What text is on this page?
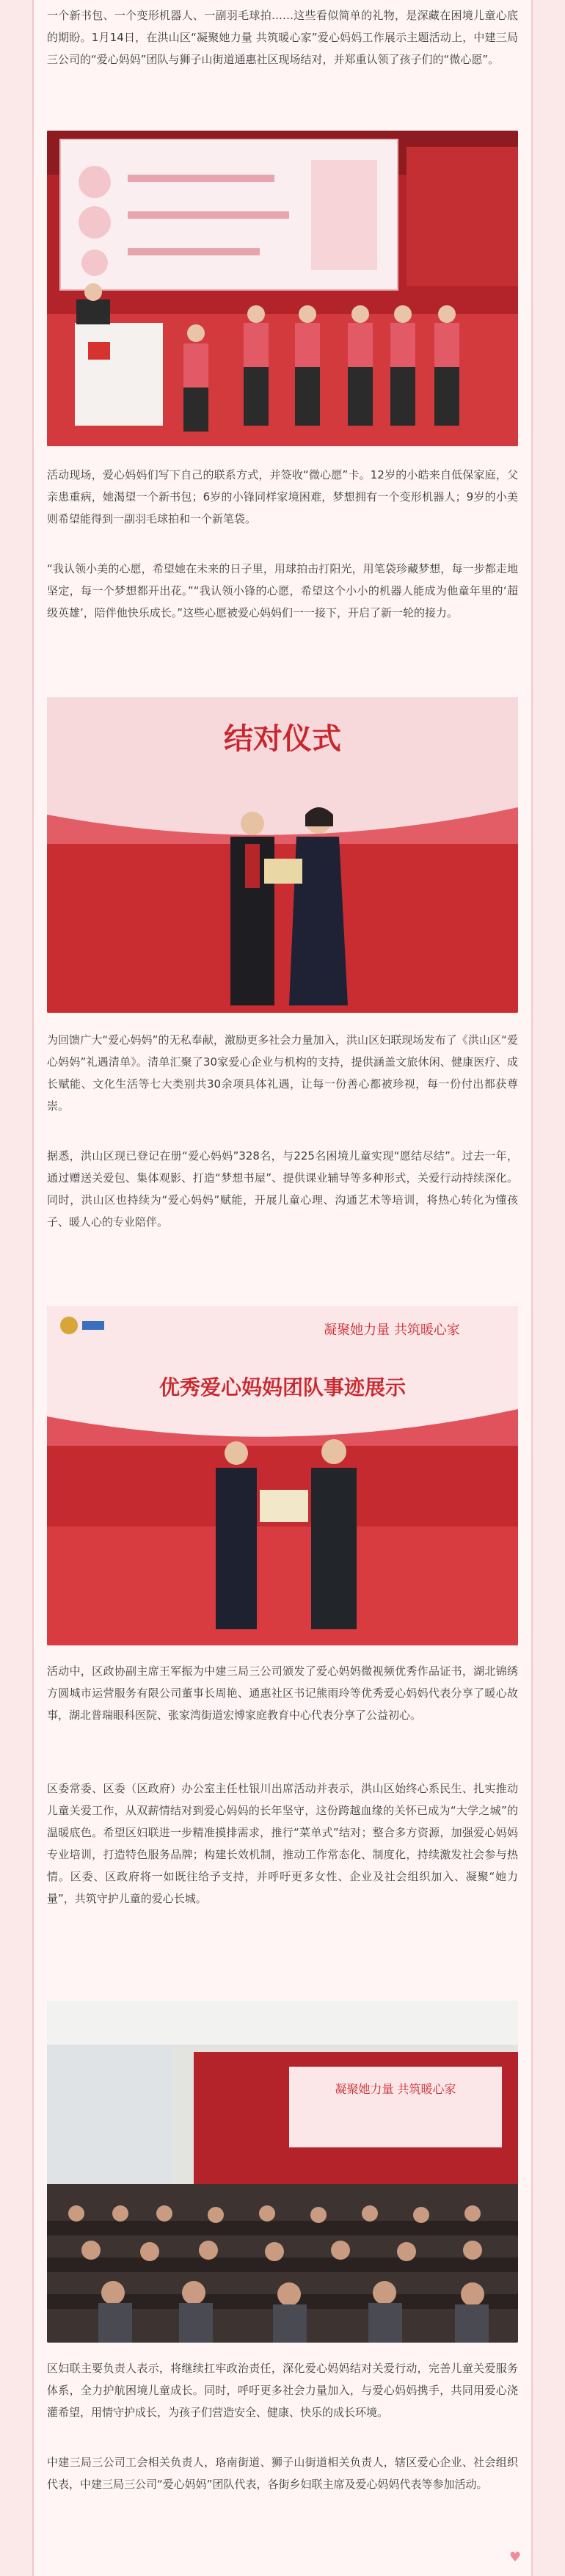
一个新书包、一个变形机器人、一副羽毛球拍……这些看似简单的礼物，是深藏在困境儿童心底的期盼。1月14日，在洪山区“凝聚她力量 共筑暖心家”爱心妈妈工作展示主题活动上，中建三局三公司的“爱心妈妈”团队与狮子山街道通惠社区现场结对，并郑重认领了孩子们的“微心愿”。

活动现场，爱心妈妈们写下自己的联系方式，并签收“微心愿”卡。12岁的小皓来自低保家庭，父亲患重病，她渴望一个新书包；6岁的小锋同样家境困难，梦想拥有一个变形机器人；9岁的小美则希望能得到一副羽毛球拍和一个新笔袋。

“我认领小美的心愿，希望她在未来的日子里，用球拍击打阳光，用笔袋珍藏梦想，每一步都走地坚定，每一个梦想都开出花。”“我认领小锋的心愿，希望这个小小的机器人能成为他童年里的‘超级英雄’，陪伴他快乐成长。”这些心愿被爱心妈妈们一一接下，开启了新一轮的接力。

结对仪式

为回馈广大“爱心妈妈”的无私奉献，激励更多社会力量加入，洪山区妇联现场发布了《洪山区“爱心妈妈”礼遇清单》。清单汇聚了30家爱心企业与机构的支持，提供涵盖文旅休闲、健康医疗、成长赋能、文化生活等七大类别共30余项具体礼遇，让每一份善心都被珍视，每一份付出都获尊崇。

据悉，洪山区现已登记在册“爱心妈妈”328名，与225名困境儿童实现“愿结尽结”。过去一年，通过赠送关爱包、集体观影、打造“梦想书屋”、提供课业辅导等多种形式，关爱行动持续深化。同时，洪山区也持续为“爱心妈妈”赋能，开展儿童心理、沟通艺术等培训，将热心转化为懂孩子、暖人心的专业陪伴。

凝聚她力量 共筑暖心家
优秀爱心妈妈团队事迹展示

活动中，区政协副主席王军振为中建三局三公司颁发了爱心妈妈微视频优秀作品证书，湖北锦绣方圆城市运营服务有限公司董事长周艳、通惠社区书记熊雨玲等优秀爱心妈妈代表分享了暖心故事，湖北普瑞眼科医院、张家湾街道宏博家庭教育中心代表分享了公益初心。

区委常委、区委（区政府）办公室主任杜银川出席活动并表示，洪山区始终心系民生、扎实推动儿童关爱工作，从双薪情结对到爱心妈妈的长年坚守，这份跨越血缘的关怀已成为“大学之城”的温暖底色。希望区妇联进一步精准摸排需求，推行“菜单式”结对；整合多方资源，加强爱心妈妈专业培训，打造特色服务品牌；构建长效机制，推动工作常态化、制度化，持续激发社会参与热情。区委、区政府将一如既往给予支持，并呼吁更多女性、企业及社会组织加入、凝聚“她力量”，共筑守护儿童的爱心长城。

凝聚她力量 共筑暖心家

区妇联主要负责人表示，将继续扛牢政治责任，深化爱心妈妈结对关爱行动，完善儿童关爱服务体系，全力护航困境儿童成长。同时，呼吁更多社会力量加入，与爱心妈妈携手，共同用爱心浇灌希望，用情守护成长，为孩子们营造安全、健康、快乐的成长环境。

中建三局三公司工会相关负责人，珞南街道、狮子山街道相关负责人，辖区爱心企业、社会组织代表，中建三局三公司“爱心妈妈”团队代表，各街乡妇联主席及爱心妈妈代表等参加活动。

♥
